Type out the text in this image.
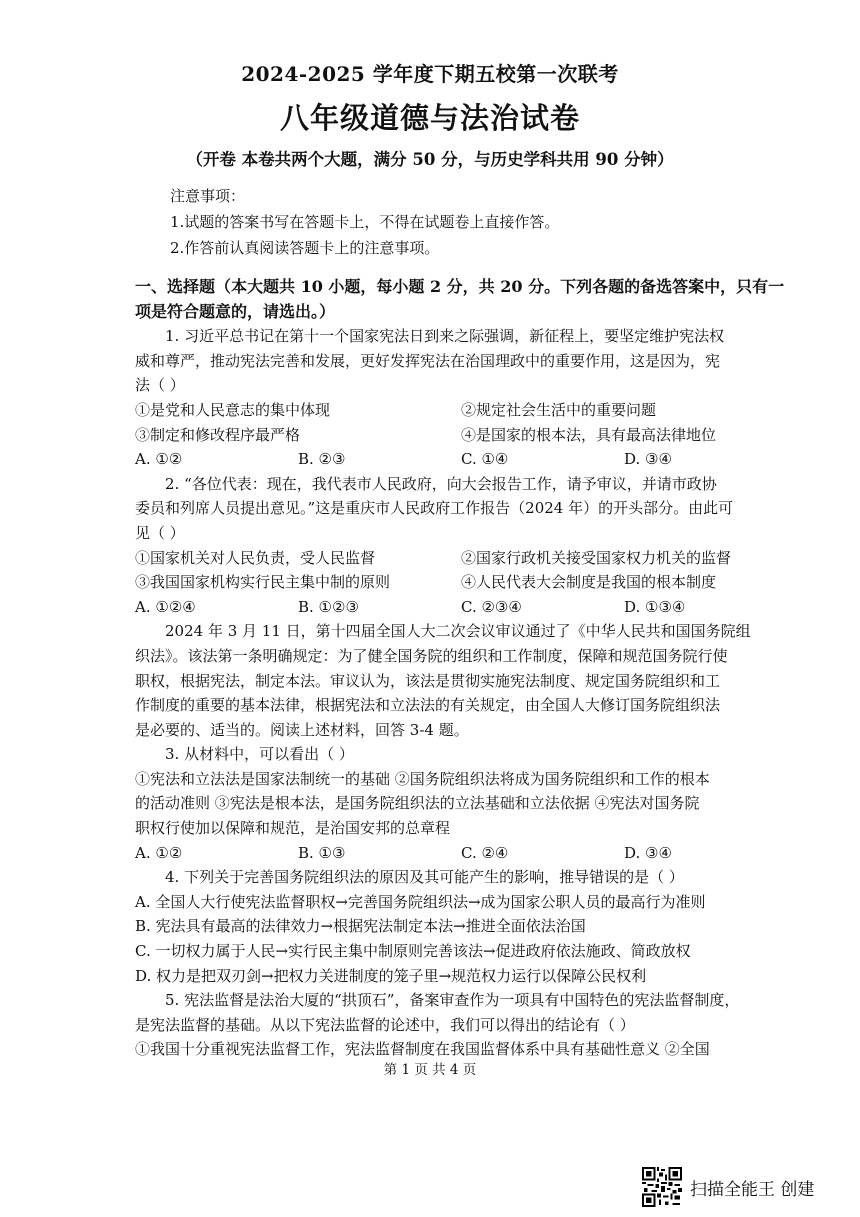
2024-2025 学年度下期五校第一次联考
八年级道德与法治试卷
（开卷 本卷共两个大题，满分 50 分，与历史学科共用 90 分钟）
注意事项：
1.试题的答案书写在答题卡上，不得在试题卷上直接作答。
2.作答前认真阅读答题卡上的注意事项。

一、选择题（本大题共 10 小题，每小题 2 分，共 20 分。下列各题的备选答案中，只有一

项是符合题意的，请选出。）

1. 习近平总书记在第十一个国家宪法日到来之际强调，新征程上，要坚定维护宪法权

威和尊严，推动宪法完善和发展，更好发挥宪法在治国理政中的重要作用，这是因为，宪

法（ ）

①是党和人民意志的集中体现	②规定社会生活中的重要问题
③制定和修改程序最严格	④是国家的根本法，具有最高法律地位
A. ①②	B. ②③	C. ①④	D. ③④

2. “各位代表：现在，我代表市人民政府，向大会报告工作，请予审议，并请市政协

委员和列席人员提出意见。”这是重庆市人民政府工作报告（2024 年）的开头部分。由此可

见（ ）

①国家机关对人民负责，受人民监督	②国家行政机关接受国家权力机关的监督
③我国国家机构实行民主集中制的原则	④人民代表大会制度是我国的根本制度
A. ①②④	B. ①②③	C. ②③④	D. ①③④

2024 年 3 月 11 日，第十四届全国人大二次会议审议通过了《中华人民共和国国务院组

织法》。该法第一条明确规定：为了健全国务院的组织和工作制度，保障和规范国务院行使

职权，根据宪法，制定本法。审议认为，该法是贯彻实施宪法制度、规定国务院组织和工

作制度的重要的基本法律，根据宪法和立法法的有关规定，由全国人大修订国务院组织法

是必要的、适当的。阅读上述材料，回答 3-4 题。

3. 从材料中，可以看出（ ）

①宪法和立法法是国家法制统一的基础 ②国务院组织法将成为国务院组织和工作的根本

的活动准则 ③宪法是根本法，是国务院组织法的立法基础和立法依据 ④宪法对国务院

职权行使加以保障和规范，是治国安邦的总章程

A. ①②	B. ①③	C. ②④	D. ③④

4. 下列关于完善国务院组织法的原因及其可能产生的影响，推导错误的是（ ）

A. 全国人大行使宪法监督职权→完善国务院组织法→成为国家公职人员的最高行为准则

B. 宪法具有最高的法律效力→根据宪法制定本法→推进全面依法治国

C. 一切权力属于人民→实行民主集中制原则完善该法→促进政府依法施政、简政放权

D. 权力是把双刃剑→把权力关进制度的笼子里→规范权力运行以保障公民权利

5. 宪法监督是法治大厦的“拱顶石”，备案审查作为一项具有中国特色的宪法监督制度，

是宪法监督的基础。从以下宪法监督的论述中，我们可以得出的结论有（ ）

①我国十分重视宪法监督工作，宪法监督制度在我国监督体系中具有基础性意义 ②全国

第 1 页 共 4 页
扫描全能王 创建
